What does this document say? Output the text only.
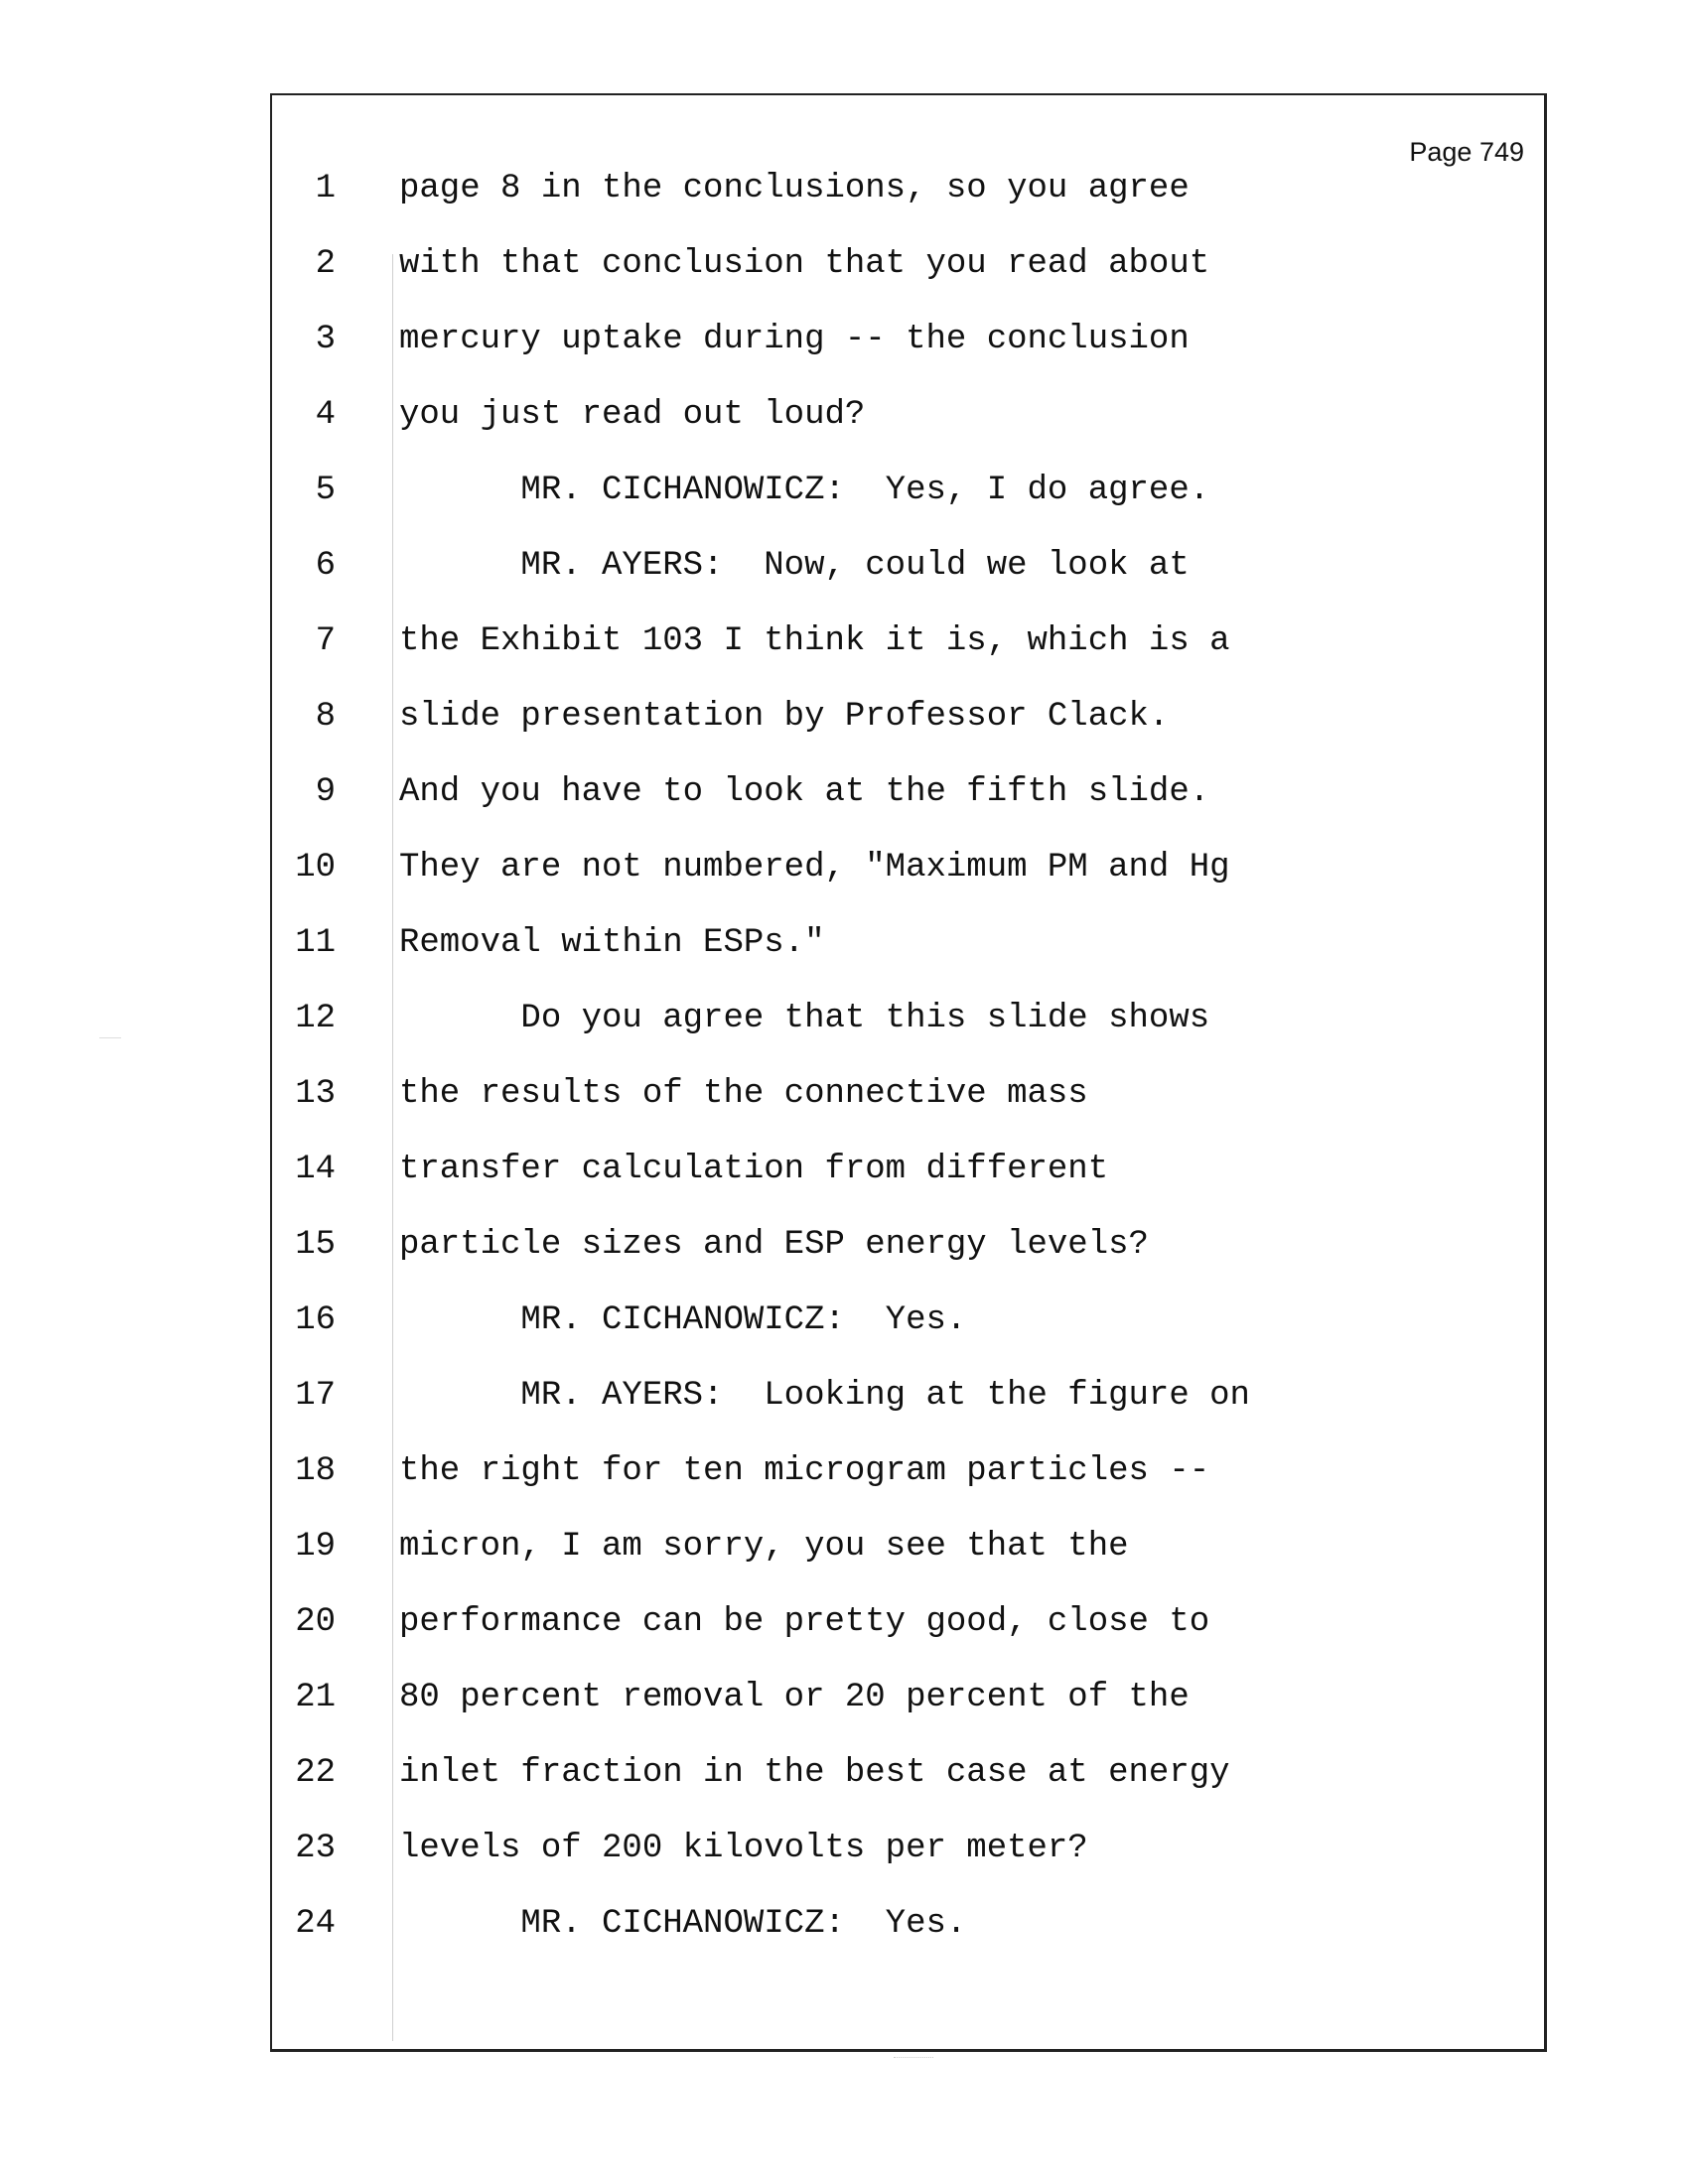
Page 749
1 page 8 in the conclusions, so you agree
2 with that conclusion that you read about
3 mercury uptake during -- the conclusion
4 you just read out loud?
5 MR. CICHANOWICZ:  Yes, I do agree.
6 MR. AYERS:  Now, could we look at
7 the Exhibit 103 I think it is, which is a
8 slide presentation by Professor Clack.
9 And you have to look at the fifth slide.
10 They are not numbered, "Maximum PM and Hg
11 Removal within ESPs."
12 Do you agree that this slide shows
13 the results of the connective mass
14 transfer calculation from different
15 particle sizes and ESP energy levels?
16 MR. CICHANOWICZ:  Yes.
17 MR. AYERS:  Looking at the figure on
18 the right for ten microgram particles --
19 micron, I am sorry, you see that the
20 performance can be pretty good, close to
21 80 percent removal or 20 percent of the
22 inlet fraction in the best case at energy
23 levels of 200 kilovolts per meter?
24 MR. CICHANOWICZ:  Yes.
